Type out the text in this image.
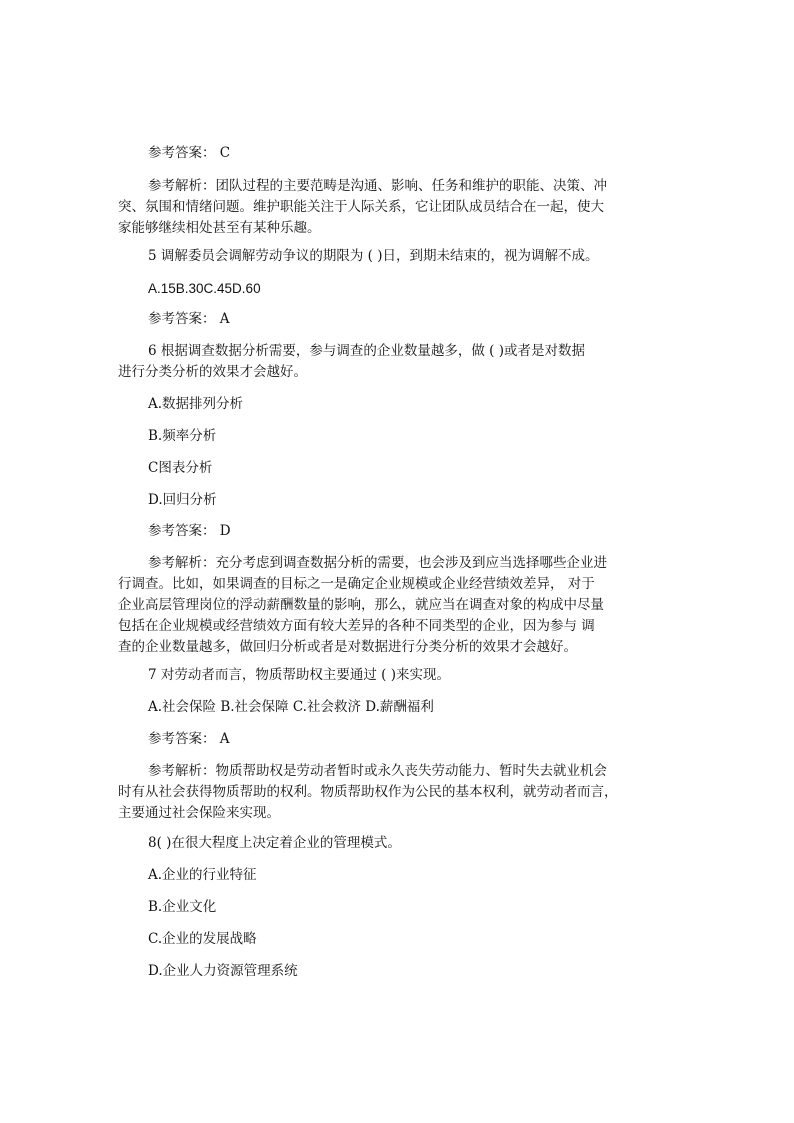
参考答案： C

参考解析：团队过程的主要范畴是沟通、影响、任务和维护的职能、决策、冲
突、氛围和情绪问题。维护职能关注于人际关系，它让团队成员结合在一起，使大
家能够继续相处甚至有某种乐趣。

5 调解委员会调解劳动争议的期限为 ( )日，到期未结束的，视为调解不成。

A.15B.30C.45D.60

参考答案： A

6 根据调查数据分析需要，参与调查的企业数量越多，做 ( )或者是对数据
进行分类分析的效果才会越好。

A.数据排列分析

B.频率分析

C图表分析

D.回归分析

参考答案： D

参考解析：充分考虑到调查数据分析的需要，也会涉及到应当选择哪些企业进
行调查。比如，如果调查的目标之一是确定企业规模或企业经营绩效差异， 对于
企业高层管理岗位的浮动薪酬数量的影响，那么，就应当在调查对象的构成中尽量
包括在企业规模或经营绩效方面有较大差异的各种不同类型的企业，因为参与 调
查的企业数量越多，做回归分析或者是对数据进行分类分析的效果才会越好。

7 对劳动者而言，物质帮助权主要通过 ( )来实现。

A.社会保险 B.社会保障 C.社会救济 D.薪酬福利

参考答案： A

参考解析：物质帮助权是劳动者暂时或永久丧失劳动能力、暂时失去就业机会
时有从社会获得物质帮助的权利。物质帮助权作为公民的基本权利，就劳动者而言，
主要通过社会保险来实现。

8( )在很大程度上决定着企业的管理模式。

A.企业的行业特征

B.企业文化

C.企业的发展战略

D.企业人力资源管理系统
